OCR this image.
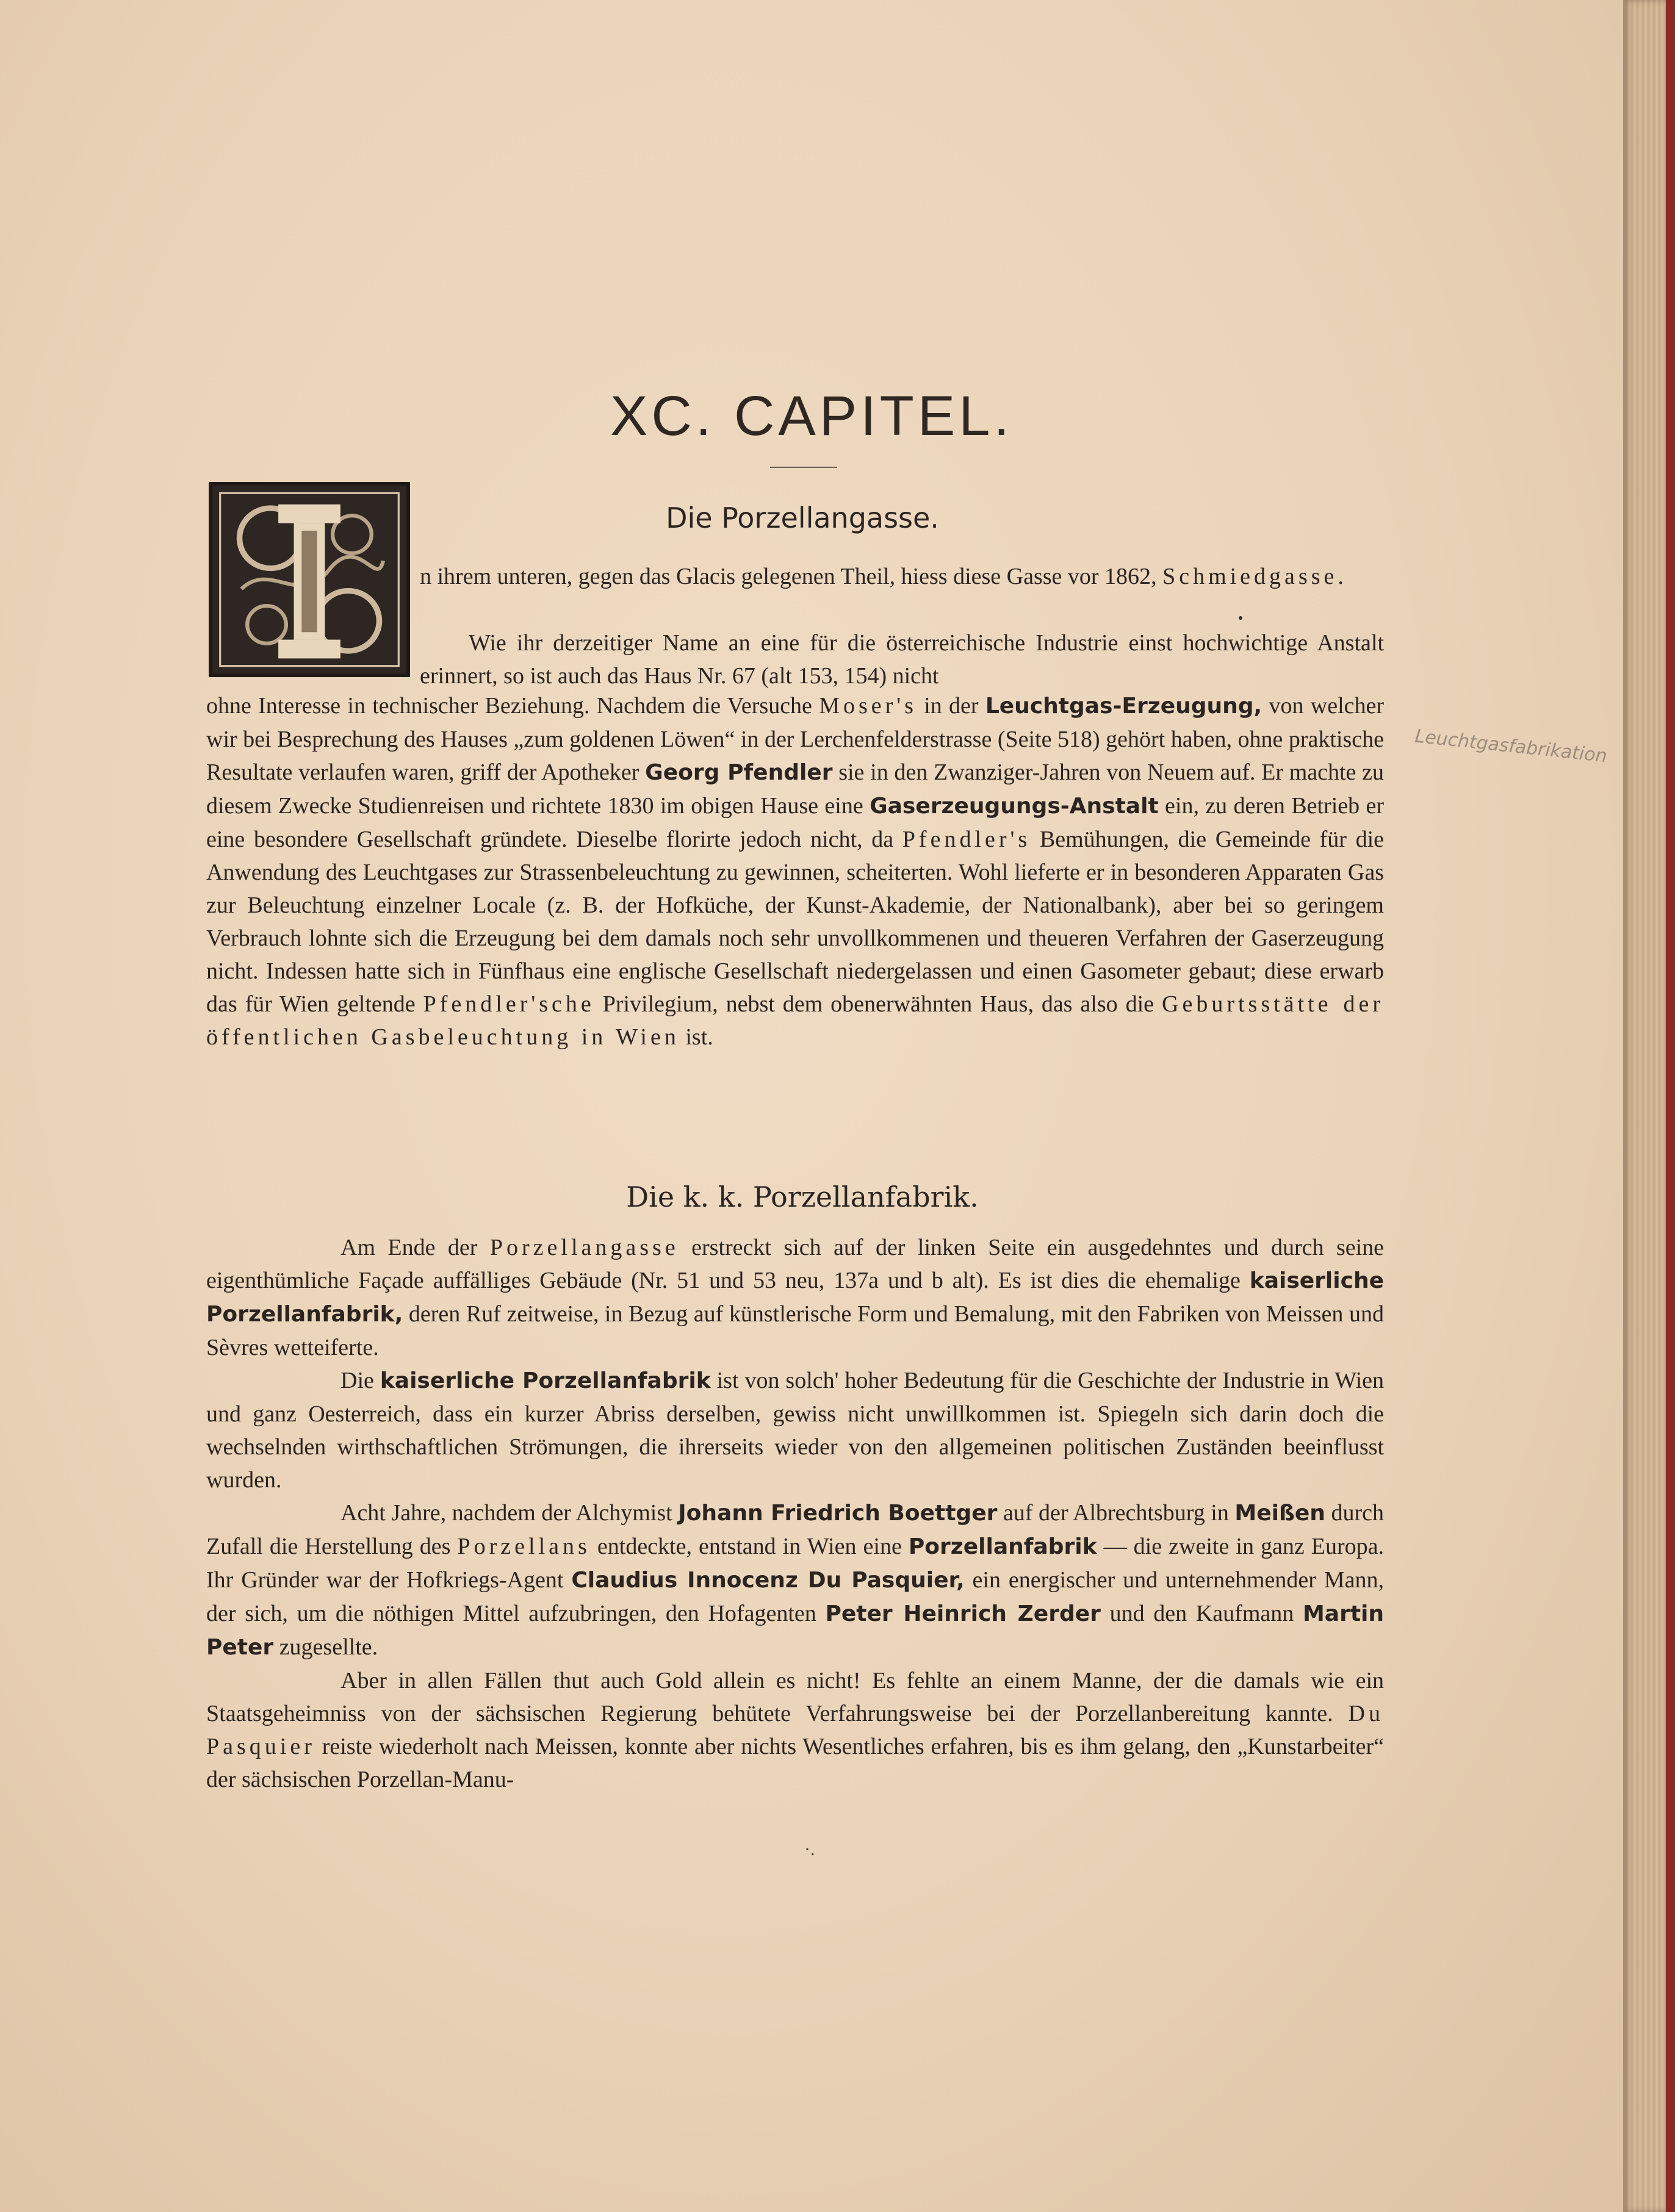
XC. CAPITEL.
Die Porzellangasse.
n ihrem unteren, gegen das Glacis gelegenen Theil, hiess diese Gasse vor 1862, Schmiedgasse.
Wie ihr derzeitiger Name an eine für die österreichische Industrie einst hochwichtige Anstalt erinnert, so ist auch das Haus Nr. 67 (alt 153, 154) nicht

ohne Interesse in technischer Beziehung. Nachdem die Versuche Moser's in der Leuchtgas-Erzeugung, von welcher wir bei Besprechung des Hauses „zum goldenen Löwen“ in der Lerchenfelderstrasse (Seite 518) gehört haben, ohne praktische Resultate verlaufen waren, griff der Apotheker Georg Pfendler sie in den Zwanziger-Jahren von Neuem auf. Er machte zu diesem Zwecke Studienreisen und richtete 1830 im obigen Hause eine Gaserzeugungs-Anstalt ein, zu deren Betrieb er eine besondere Gesellschaft gründete. Dieselbe florirte jedoch nicht, da Pfendler's Bemühungen, die Gemeinde für die Anwendung des Leuchtgases zur Strassenbeleuchtung zu gewinnen, scheiterten. Wohl lieferte er in besonderen Apparaten Gas zur Beleuchtung einzelner Locale (z. B. der Hofküche, der Kunst-Akademie, der Nationalbank), aber bei so geringem Verbrauch lohnte sich die Erzeugung bei dem damals noch sehr unvollkommenen und theueren Verfahren der Gaserzeugung nicht. Indessen hatte sich in Fünfhaus eine englische Gesellschaft niedergelassen und einen Gasometer gebaut; diese erwarb das für Wien geltende Pfendler'sche Privilegium, nebst dem obenerwähnten Haus, das also die Geburtsstätte der öffentlichen Gasbeleuchtung in Wien ist.

Die k. k. Porzellanfabrik.

Am Ende der Porzellangasse erstreckt sich auf der linken Seite ein ausgedehntes und durch seine eigenthümliche Façade auffälliges Gebäude (Nr. 51 und 53 neu, 137a und b alt). Es ist dies die ehemalige kaiserliche Porzellanfabrik, deren Ruf zeitweise, in Bezug auf künstlerische Form und Bemalung, mit den Fabriken von Meissen und Sèvres wetteiferte.

Die kaiserliche Porzellanfabrik ist von solch' hoher Bedeutung für die Geschichte der Industrie in Wien und ganz Oesterreich, dass ein kurzer Abriss derselben, gewiss nicht unwillkommen ist. Spiegeln sich darin doch die wechselnden wirthschaftlichen Strömungen, die ihrerseits wieder von den allgemeinen politischen Zuständen beeinflusst wurden.

Acht Jahre, nachdem der Alchymist Johann Friedrich Boettger auf der Albrechtsburg in Meißen durch Zufall die Herstellung des Porzellans entdeckte, entstand in Wien eine Porzellanfabrik — die zweite in ganz Europa. Ihr Gründer war der Hofkriegs-Agent Claudius Innocenz Du Pasquier, ein energischer und unternehmender Mann, der sich, um die nöthigen Mittel aufzubringen, den Hofagenten Peter Heinrich Zerder und den Kaufmann Martin Peter zugesellte.

Aber in allen Fällen thut auch Gold allein es nicht! Es fehlte an einem Manne, der die damals wie ein Staatsgeheimniss von der sächsischen Regierung behütete Verfahrungsweise bei der Porzellanbereitung kannte. Du Pasquier reiste wiederholt nach Meissen, konnte aber nichts Wesentliches erfahren, bis es ihm gelang, den „Kunstarbeiter“ der sächsischen Porzellan-Manu-

Leuchtgasfabrikation
·.
